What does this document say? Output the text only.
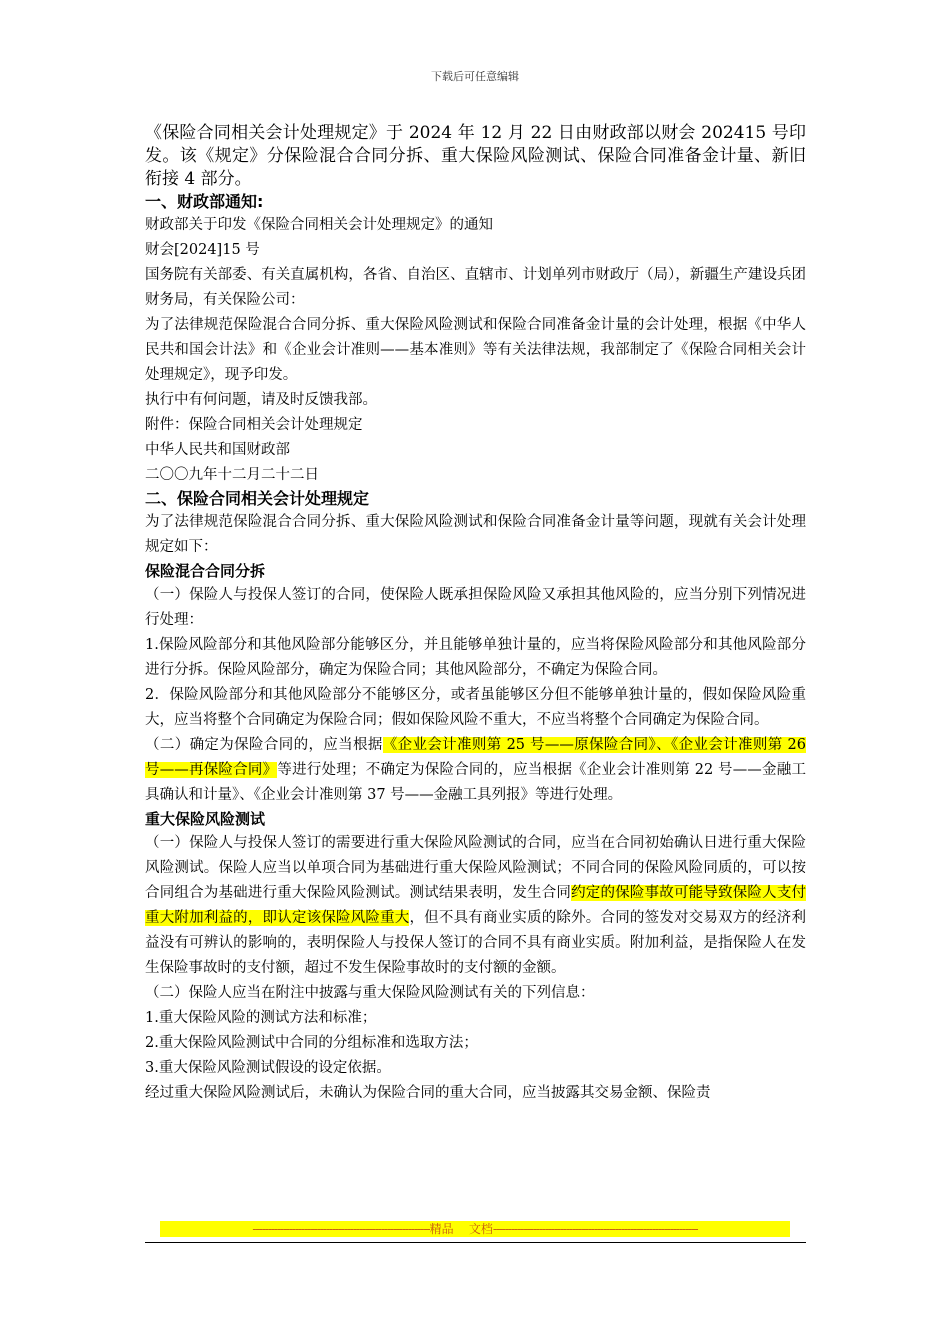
下载后可任意编辑

《保险合同相关会计处理规定》于 2024 年 12 月 22 日由财政部以财会 202415 号印发。该《规定》分保险混合合同分拆、重大保险风险测试、保险合同准备金计量、新旧衔接 4 部分。

一、财政部通知:

财政部关于印发《保险合同相关会计处理规定》的通知

财会[2024]15 号

国务院有关部委、有关直属机构，各省、自治区、直辖市、计划单列市财政厅（局），新疆生产建设兵团财务局，有关保险公司：

为了法律规范保险混合合同分拆、重大保险风险测试和保险合同准备金计量的会计处理，根据《中华人民共和国会计法》和《企业会计准则——基本准则》等有关法律法规，我部制定了《保险合同相关会计处理规定》，现予印发。

执行中有何问题，请及时反馈我部。

附件：保险合同相关会计处理规定

中华人民共和国财政部

二〇〇九年十二月二十二日

二、保险合同相关会计处理规定

为了法律规范保险混合合同分拆、重大保险风险测试和保险合同准备金计量等问题，现就有关会计处理规定如下：

保险混合合同分拆

（一）保险人与投保人签订的合同，使保险人既承担保险风险又承担其他风险的，应当分别下列情况进行处理：

1.保险风险部分和其他风险部分能够区分，并且能够单独计量的，应当将保险风险部分和其他风险部分进行分拆。保险风险部分，确定为保险合同；其他风险部分，不确定为保险合同。

2．保险风险部分和其他风险部分不能够区分，或者虽能够区分但不能够单独计量的，假如保险风险重大，应当将整个合同确定为保险合同；假如保险风险不重大，不应当将整个合同确定为保险合同。

（二）确定为保险合同的，应当根据《企业会计准则第 25 号——原保险合同》、《企业会计准则第 26 号——再保险合同》等进行处理；不确定为保险合同的，应当根据《企业会计准则第 22 号——金融工具确认和计量》、《企业会计准则第 37 号——金融工具列报》等进行处理。

重大保险风险测试

（一）保险人与投保人签订的需要进行重大保险风险测试的合同，应当在合同初始确认日进行重大保险风险测试。保险人应当以单项合同为基础进行重大保险风险测试；不同合同的保险风险同质的，可以按合同组合为基础进行重大保险风险测试。测试结果表明，发生合同约定的保险事故可能导致保险人支付重大附加利益的，即认定该保险风险重大，但不具有商业实质的除外。合同的签发对交易双方的经济利益没有可辨认的影响的，表明保险人与投保人签订的合同不具有商业实质。附加利益，是指保险人在发生保险事故时的支付额，超过不发生保险事故时的支付额的金额。

（二）保险人应当在附注中披露与重大保险风险测试有关的下列信息：

1.重大保险风险的测试方法和标准；

2.重大保险风险测试中合同的分组标准和选取方法；

3.重大保险风险测试假设的设定依据。

经过重大保险风险测试后，未确认为保险合同的重大合同，应当披露其交易金额、保险责

----------------------------------------------------------精品 文档-------------------------------------------------------------------
